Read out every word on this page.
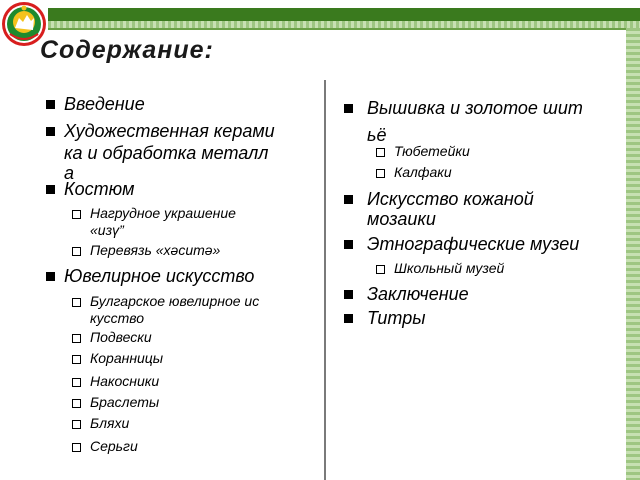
Содержание:
Введение
Художественная керами
ка и обработка металл
а
Костюм
Нагрудное украшение
«изү”
Перевязь «хәситә»
Ювелирное искусство
Булгарское ювелирное ис
кусство
Подвески
Коранницы
Накосники
Браслеты
Бляхи
Серьги
Вышивка и золотое шит
ьё
Тюбетейки
Калфаки
Искусство кожаной
мозаики
Этнографические музеи
Школьный музей
Заключение
Титры
